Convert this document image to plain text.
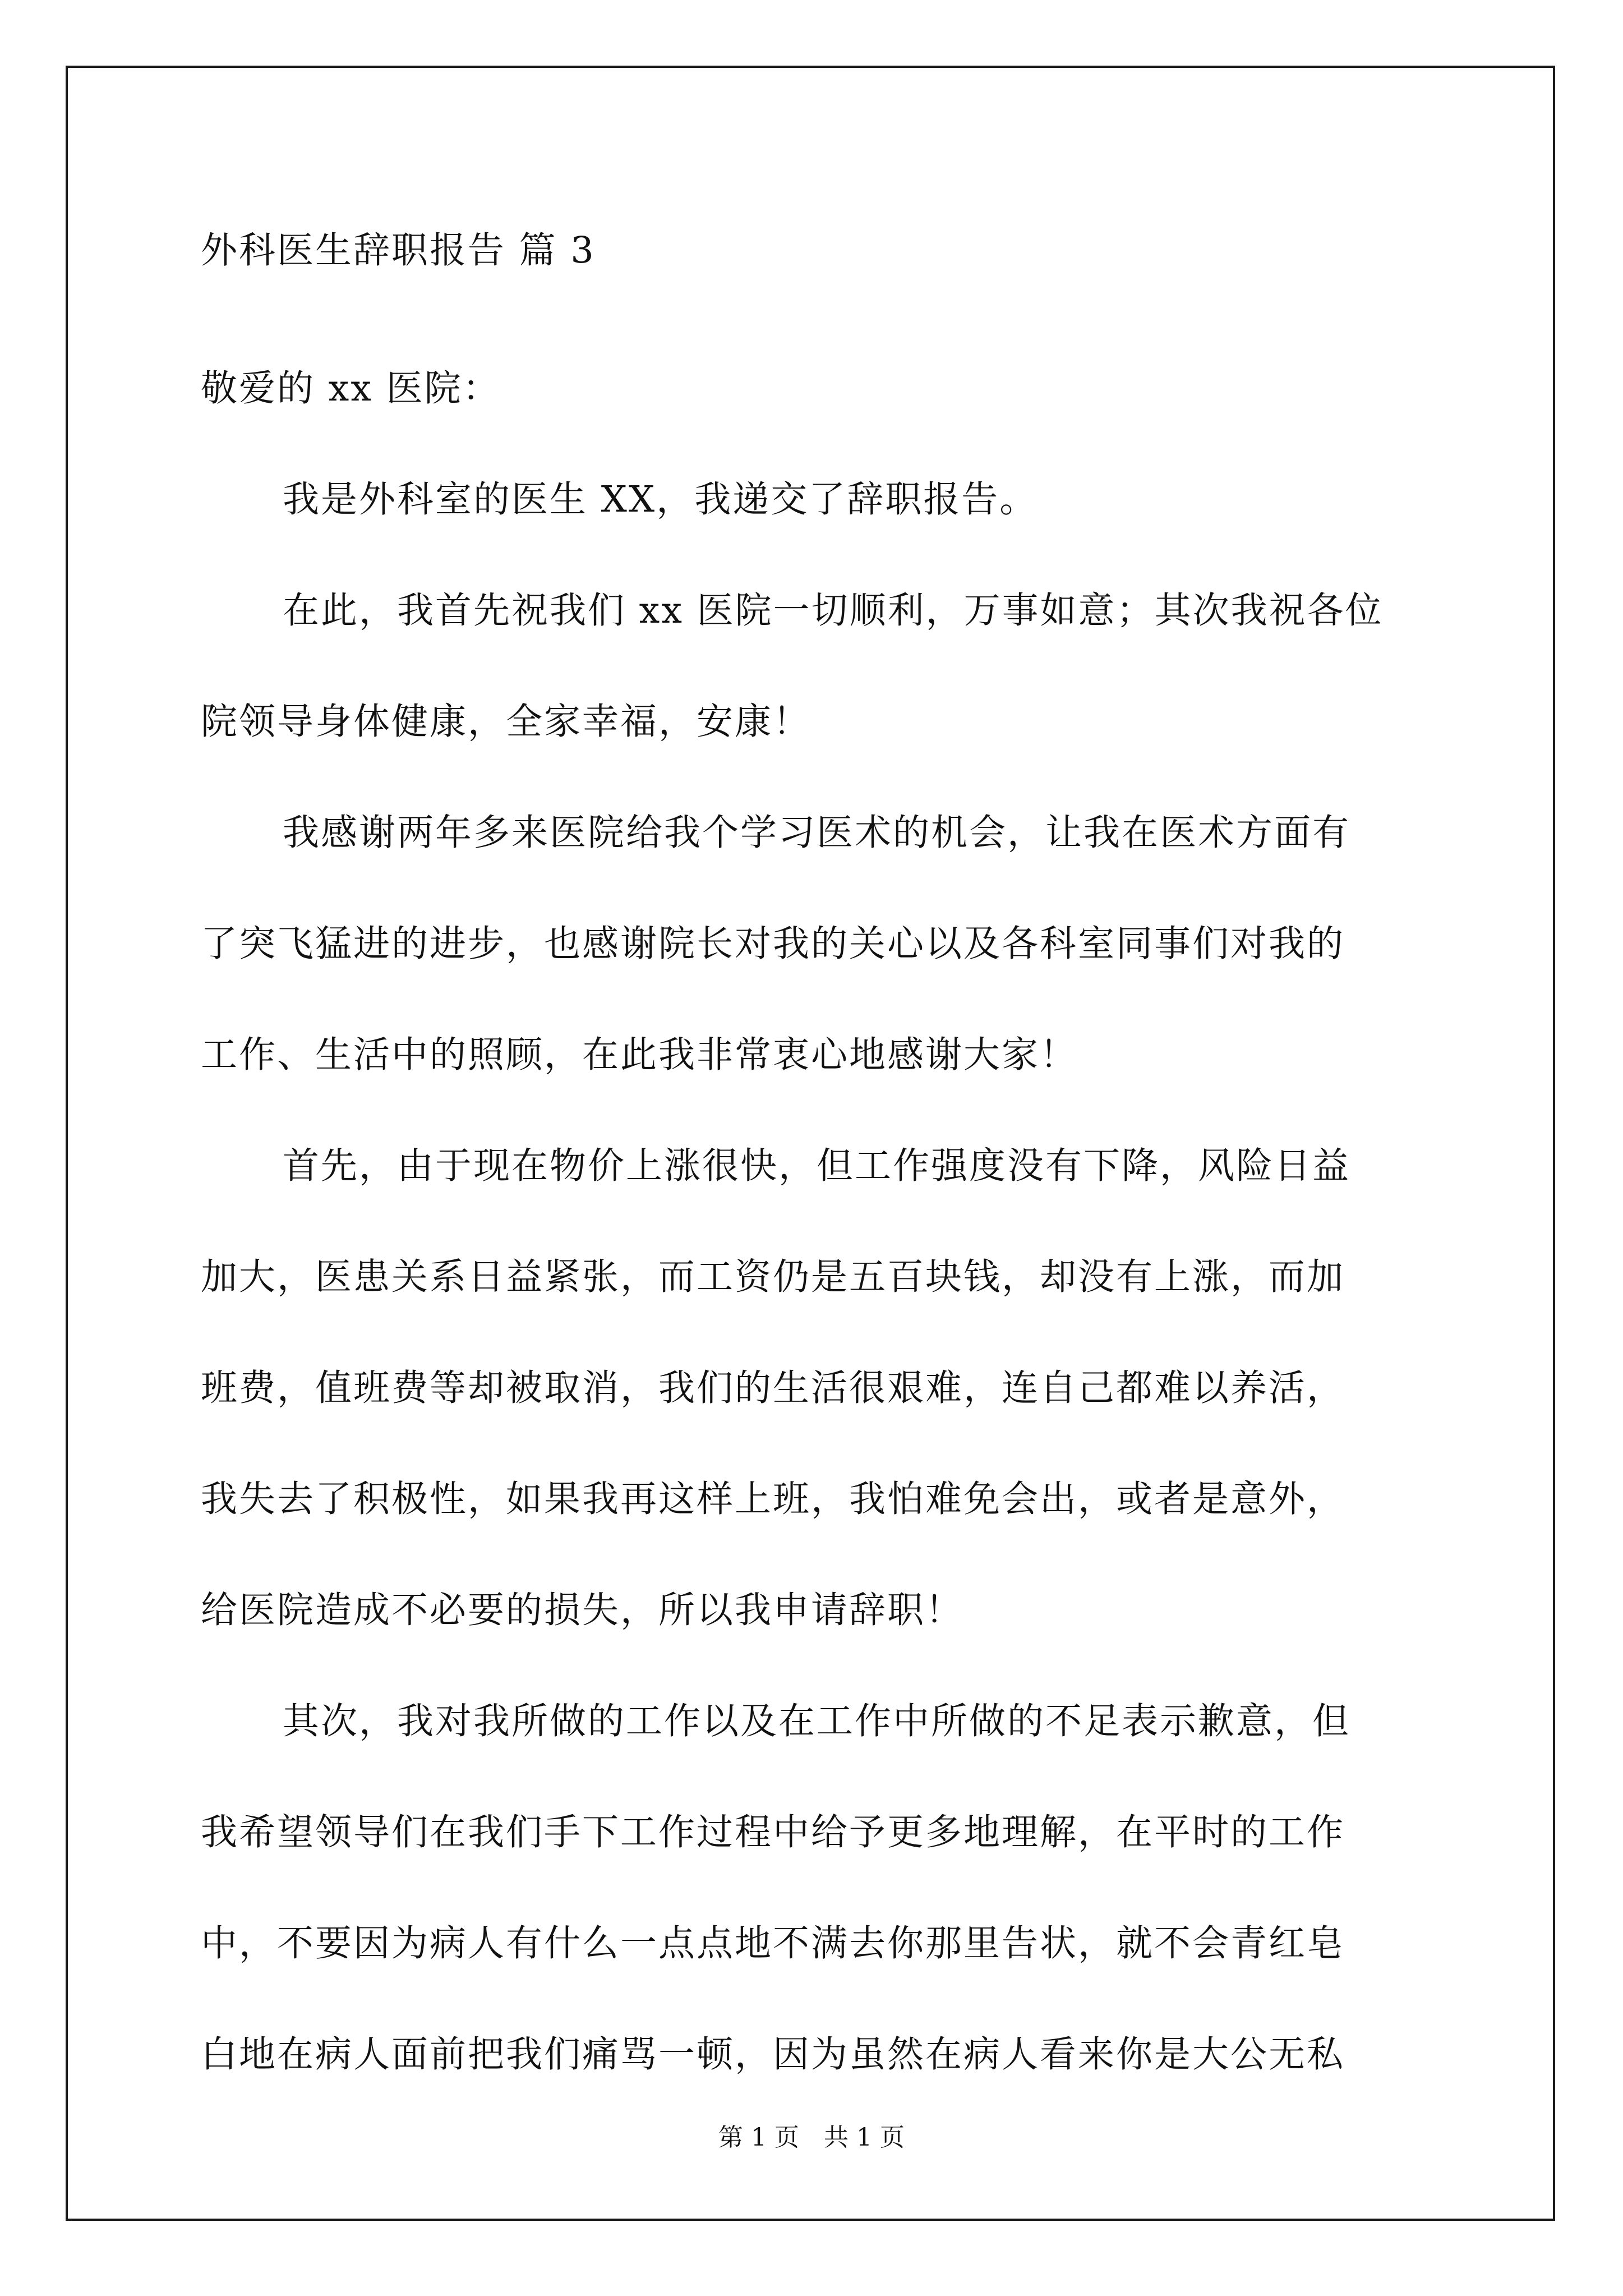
外科医生辞职报告 篇 3
敬爱的 xx 医院：
我是外科室的医生 XX，我递交了辞职报告。
在此，我首先祝我们 xx 医院一切顺利，万事如意；其次我祝各位
院领导身体健康，全家幸福，安康！
我感谢两年多来医院给我个学习医术的机会，让我在医术方面有
了突飞猛进的进步，也感谢院长对我的关心以及各科室同事们对我的
工作、生活中的照顾，在此我非常衷心地感谢大家！
首先，由于现在物价上涨很快，但工作强度没有下降，风险日益
加大，医患关系日益紧张，而工资仍是五百块钱，却没有上涨，而加
班费，值班费等却被取消，我们的生活很艰难，连自己都难以养活，
我失去了积极性，如果我再这样上班，我怕难免会出，或者是意外，
给医院造成不必要的损失，所以我申请辞职！
其次，我对我所做的工作以及在工作中所做的不足表示歉意，但
我希望领导们在我们手下工作过程中给予更多地理解，在平时的工作
中，不要因为病人有什么一点点地不满去你那里告状，就不会青红皂
白地在病人面前把我们痛骂一顿，因为虽然在病人看来你是大公无私
第 1 页　共 1 页
